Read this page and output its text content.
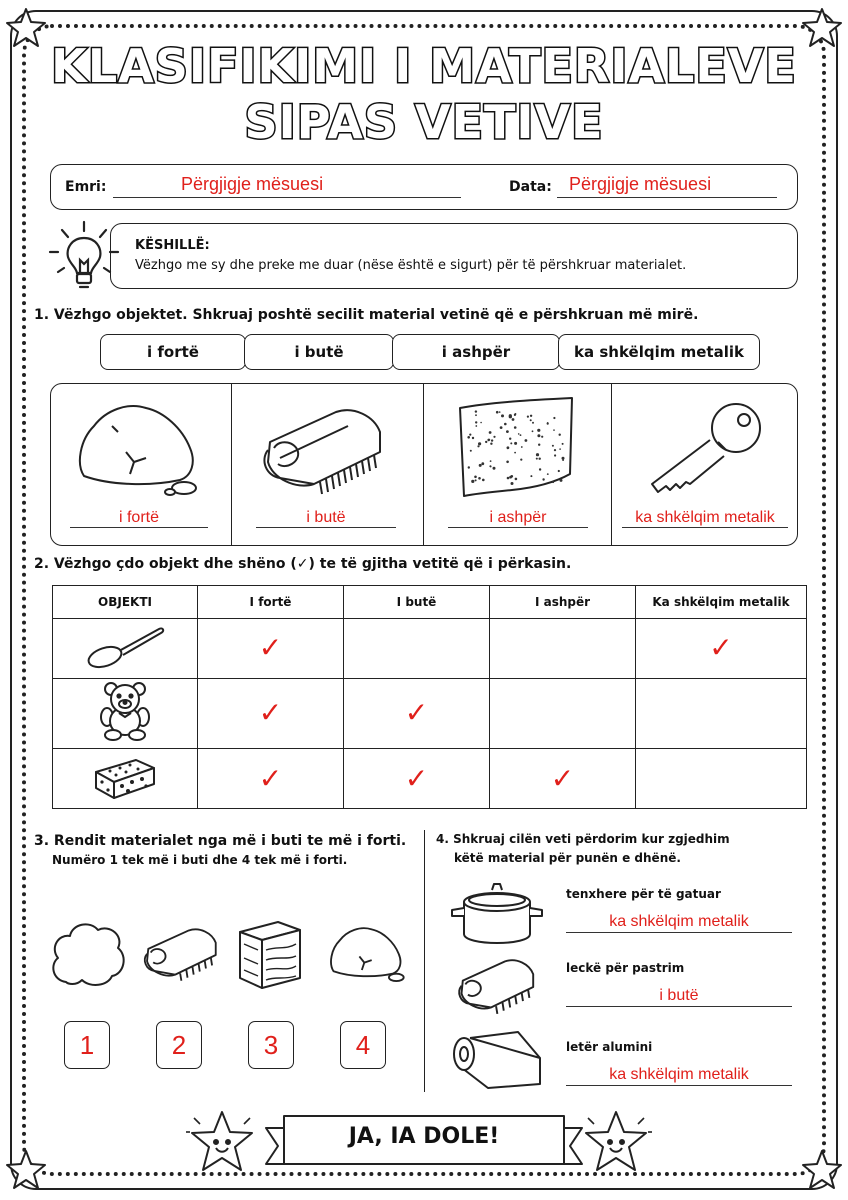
KLASIFIKIMI I MATERIALEVE
SIPAS VETIVE
Emri:	Përgjigje mësuesi	Data: Përgjigje mësuesi
KËSHILLË:
Vëzhgo me sy dhe preke me duar (nëse është e sigurt) për të përshkruar materialet.
1. Vëzhgo objektet. Shkruaj poshtë secilit material vetinë që e përshkruan më mirë.
i fortë	i butë	i ashpër	ka shkëlqim metalik
i fortë	i butë	i ashpër	ka shkëlqim metalik
2. Vëzhgo çdo objekt dhe shëno (✓) te të gjitha vetitë që i përkasin.
OBJEKTI	I fortë	I butë	I ashpër	Ka shkëlqim metalik
	✓			✓
	✓	✓		
	✓	✓	✓	
3. Rendit materialet nga më i buti te më i forti.
Numëro 1 tek më i buti dhe 4 tek më i forti.
1	2	3	4
4. Shkruaj cilën veti përdorim kur zgjedhim
këtë material për punën e dhënë.
tenxhere për të gatuar
ka shkëlqim metalik
leckë për pastrim
i butë
letër alumini
ka shkëlqim metalik
JA, IA DOLE!
